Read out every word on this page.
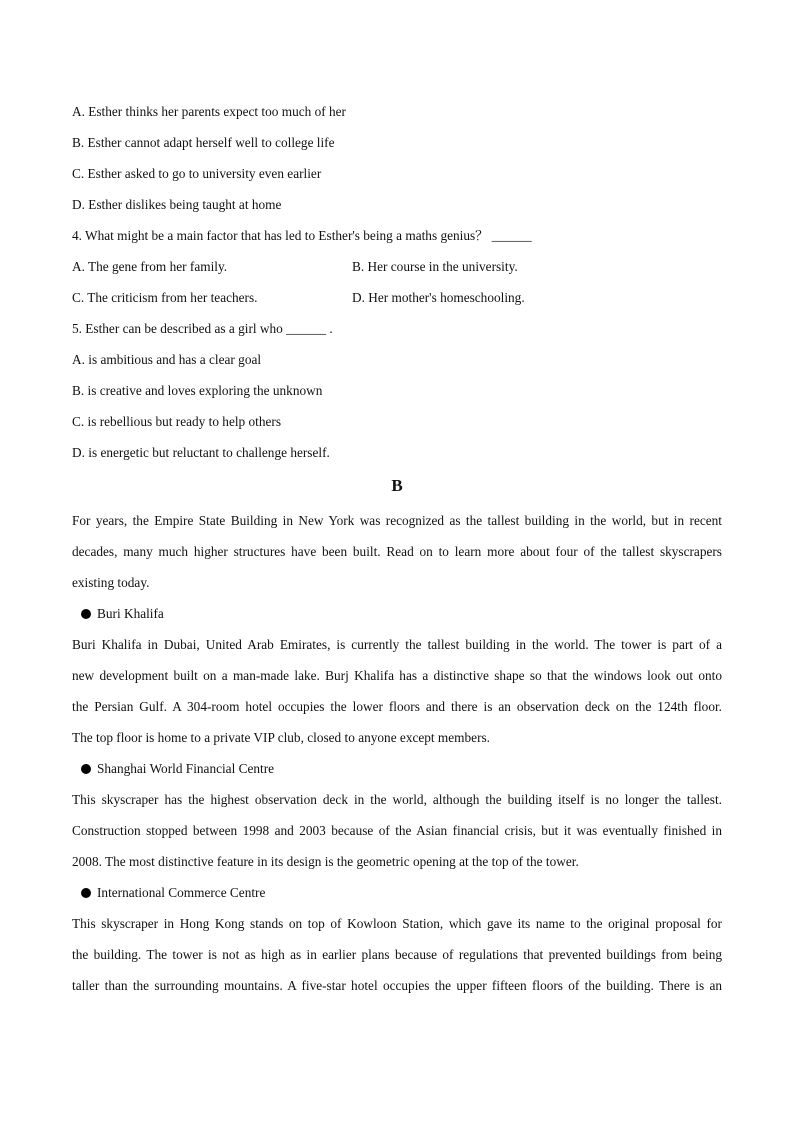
A. Esther thinks her parents expect too much of her
B. Esther cannot adapt herself well to college life
C. Esther asked to go to university even earlier
D. Esther dislikes being taught at home
4. What might be a main factor that has led to Esther's being a maths genius？ ______
A. The gene from her family.	B. Her course in the university.
C. The criticism from her teachers.	D. Her mother's homeschooling.
5. Esther can be described as a girl who ______ .
A. is ambitious and has a clear goal
B. is creative and loves exploring the unknown
C. is rebellious but ready to help others
D. is energetic but reluctant to challenge herself.
B
For years, the Empire State Building in New York was recognized as the tallest building in the world, but in recent
decades, many much higher structures have been built. Read on to learn more about four of the tallest skyscrapers
existing today.
Buri Khalifa
Buri Khalifa in Dubai, United Arab Emirates, is currently the tallest building in the world. The tower is part of a
new development built on a man-made lake. Burj Khalifa has a distinctive shape so that the windows look out onto
the Persian Gulf. A 304-room hotel occupies the lower floors and there is an observation deck on the 124th floor.
The top floor is home to a private VIP club, closed to anyone except members.
Shanghai World Financial Centre
This skyscraper has the highest observation deck in the world, although the building itself is no longer the tallest.
Construction stopped between 1998 and 2003 because of the Asian financial crisis, but it was eventually finished in
2008. The most distinctive feature in its design is the geometric opening at the top of the tower.
International Commerce Centre
This skyscraper in Hong Kong stands on top of Kowloon Station, which gave its name to the original proposal for
the building. The tower is not as high as in earlier plans because of regulations that prevented buildings from being
taller than the surrounding mountains. A five-star hotel occupies the upper fifteen floors of the building. There is an
